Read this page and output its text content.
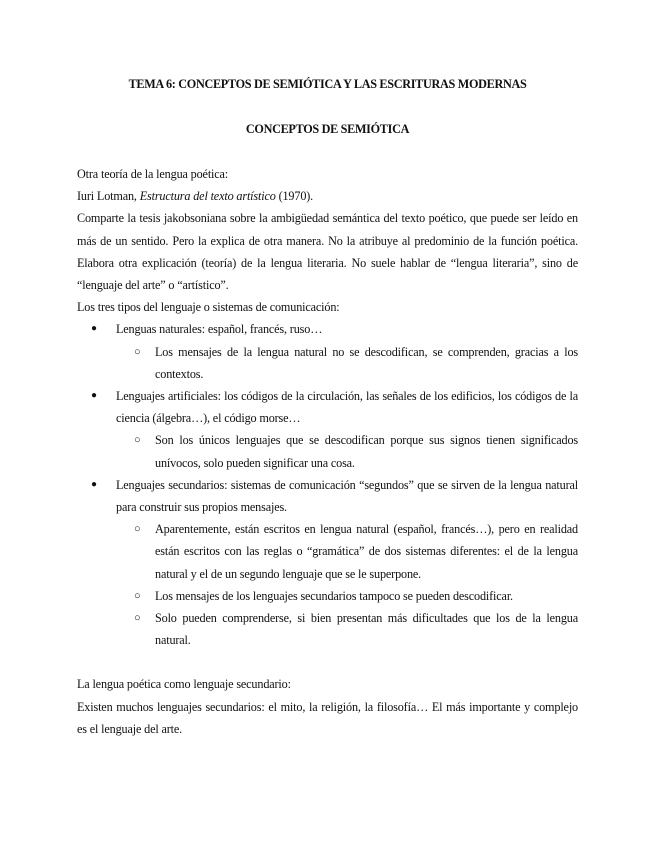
TEMA 6: CONCEPTOS DE SEMIÓTICA Y LAS ESCRITURAS MODERNAS
CONCEPTOS DE SEMIÓTICA

Otra teoría de la lengua poética:

Iuri Lotman, Estructura del texto artístico (1970).

Comparte la tesis jakobsoniana sobre la ambigüedad semántica del texto poético, que puede ser leído en más de un sentido. Pero la explica de otra manera. No la atribuye al predominio de la función poética. Elabora otra explicación (teoría) de la lengua literaria. No suele hablar de “lengua literaria”, sino de “lenguaje del arte” o “artístico”.

Los tres tipos del lenguaje o sistemas de comunicación:

● Lenguas naturales: español, francés, ruso…
○ Los mensajes de la lengua natural no se descodifican, se comprenden, gracias a los contextos.
● Lenguajes artificiales: los códigos de la circulación, las señales de los edificios, los códigos de la ciencia (álgebra…), el código morse…
○ Son los únicos lenguajes que se descodifican porque sus signos tienen significados unívocos, solo pueden significar una cosa.
● Lenguajes secundarios: sistemas de comunicación “segundos” que se sirven de la lengua natural para construir sus propios mensajes.
○ Aparentemente, están escritos en lengua natural (español, francés…), pero en realidad están escritos con las reglas o “gramática” de dos sistemas diferentes: el de la lengua natural y el de un segundo lenguaje que se le superpone.
○ Los mensajes de los lenguajes secundarios tampoco se pueden descodificar.
○ Solo pueden comprenderse, si bien presentan más dificultades que los de la lengua natural.

La lengua poética como lenguaje secundario:

Existen muchos lenguajes secundarios: el mito, la religión, la filosofía… El más importante y complejo es el lenguaje del arte.
